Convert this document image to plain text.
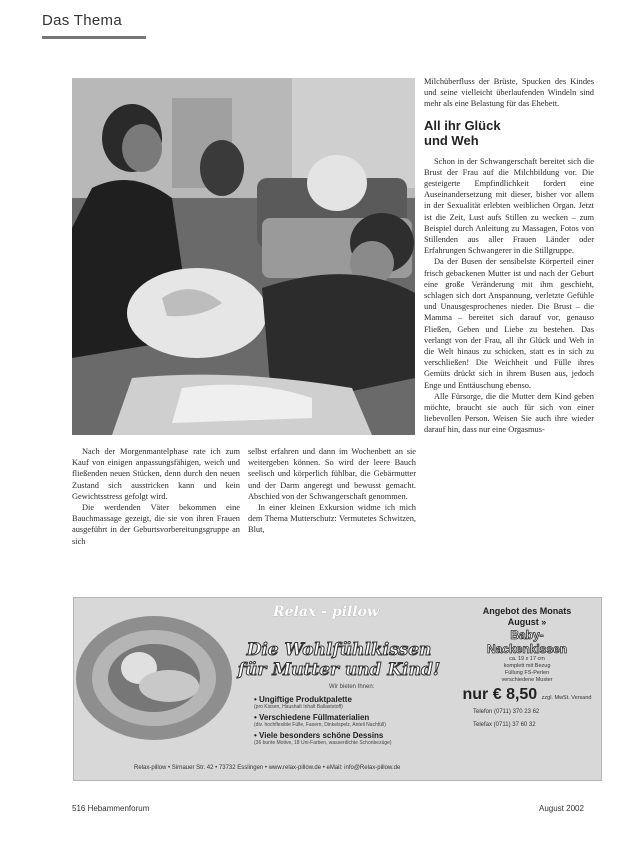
Das Thema

Nach der Morgenmantelphase rate ich zum Kauf von einigen anpassungsfähigen, weich und fließenden neuen Stücken, denn durch den neuen Zustand sich ausstricken kann und kein Gewichtsstress gefolgt wird.

Die werdenden Väter bekommen eine Bauchmassage gezeigt, die sie von ihren Frauen ausgeführt in der Geburtsvorbereitungsgruppe an sich

selbst erfahren und dann im Wochenbett an sie weitergeben können. So wird der leere Bauch seelisch und körperlich fühlbar, die Gebärmutter und der Darm angeregt und bewusst gemacht. Abschied von der Schwangerschaft genommen.

In einer kleinen Exkursion widme ich mich dem Thema Mutterschutz: Vermutetes Schwitzen, Blut,

Milchüberfluss der Brüste, Spucken des Kindes und seine vielleicht überlaufenden Windeln sind mehr als eine Belastung für das Ehebett.

All ihr Glück
und Weh

Schon in der Schwangerschaft bereitet sich die Brust der Frau auf die Milchbildung vor. Die gesteigerte Empfindlichkeit fordert eine Auseinandersetzung mit dieser, bisher vor allem in der Sexualität erlebten weiblichen Organ. Jetzt ist die Zeit, Lust aufs Stillen zu wecken – zum Beispiel durch Anleitung zu Massagen, Fotos von Stillenden aus aller Frauen Länder oder Erfahrungen Schwangerer in die Stillgruppe.

Da der Busen der sensibelste Körperteil einer frisch gebackenen Mutter ist und nach der Geburt eine große Veränderung mit ihm geschieht, schlagen sich dort Anspannung, verletzte Gefühle und Unausgesprochenes nieder. Die Brust – die Mamma – bereitet sich darauf vor, genauso Fließen, Geben und Liebe zu bestehen. Das verlangt von der Frau, all ihr Glück und Weh in die Welt hinaus zu schicken, statt es in sich zu verschließen! Die Weichheit und Fülle ihres Gemüts drückt sich in ihrem Busen aus, jedoch Enge und Enttäuschung ebenso.

Alle Fürsorge, die die Mutter dem Kind geben möchte, braucht sie auch für sich von einer liebevollen Person. Weisen Sie auch ihre wieder darauf hin, dass nur eine Orgasmus-

Relax - pillow
Die Wohlfühlkissen
für Mutter und Kind!
Wir bieten Ihnen:
• Ungiftige Produktpalette
(pro Kissen, Haushalt Inhalt Ballaststoff)
• Verschiedene Füllmaterialien
(div. hochflexible Fülle, Fasern, Dinkelspelz, Anteil Nachfüll)
• Viele besonders schöne Dessins
(36 bunte Motive, 18 Uni-Farben, wasserdichte Schonbezüge)
Angebot des Monats
August »
Baby-
Nackenkissen
ca. 19 x 17 cm
komplett mit Bezug
Füllung FS-Perlen
verschiedene Muster
nur € 8,50 zzgl. MwSt. Versand
Telefon (0711) 370 23 62
Telefax (0711) 37 60 32
Relax-pillow • Sirnauer Str. 42 • 73732 Esslingen • www.relax-pillow.de • eMail: info@Relax-pillow.de
516 Hebammenforum	August 2002
